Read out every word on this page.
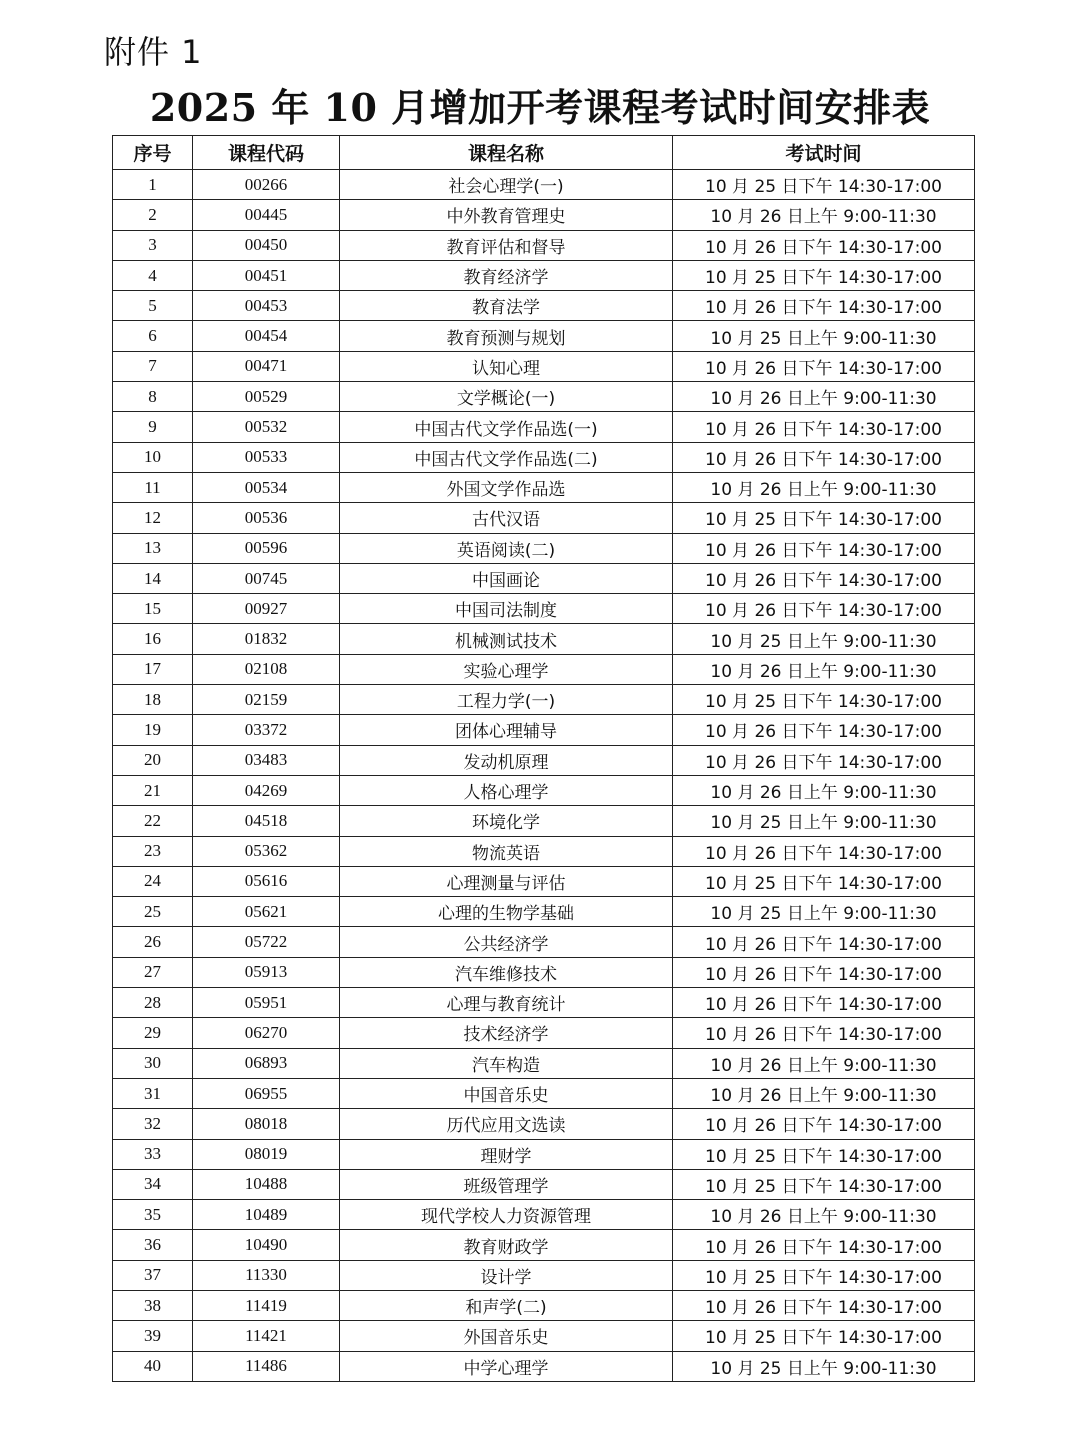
附件 1
2025 年 10 月增加开考课程考试时间安排表
序号	课程代码	课程名称	考试时间
1	00266	社会心理学(一)	10 月 25 日下午 14:30-17:00
2	00445	中外教育管理史	10 月 26 日上午 9:00-11:30
3	00450	教育评估和督导	10 月 26 日下午 14:30-17:00
4	00451	教育经济学	10 月 25 日下午 14:30-17:00
5	00453	教育法学	10 月 26 日下午 14:30-17:00
6	00454	教育预测与规划	10 月 25 日上午 9:00-11:30
7	00471	认知心理	10 月 26 日下午 14:30-17:00
8	00529	文学概论(一)	10 月 26 日上午 9:00-11:30
9	00532	中国古代文学作品选(一)	10 月 26 日下午 14:30-17:00
10	00533	中国古代文学作品选(二)	10 月 26 日下午 14:30-17:00
11	00534	外国文学作品选	10 月 26 日上午 9:00-11:30
12	00536	古代汉语	10 月 25 日下午 14:30-17:00
13	00596	英语阅读(二)	10 月 26 日下午 14:30-17:00
14	00745	中国画论	10 月 26 日下午 14:30-17:00
15	00927	中国司法制度	10 月 26 日下午 14:30-17:00
16	01832	机械测试技术	10 月 25 日上午 9:00-11:30
17	02108	实验心理学	10 月 26 日上午 9:00-11:30
18	02159	工程力学(一)	10 月 25 日下午 14:30-17:00
19	03372	团体心理辅导	10 月 26 日下午 14:30-17:00
20	03483	发动机原理	10 月 26 日下午 14:30-17:00
21	04269	人格心理学	10 月 26 日上午 9:00-11:30
22	04518	环境化学	10 月 25 日上午 9:00-11:30
23	05362	物流英语	10 月 26 日下午 14:30-17:00
24	05616	心理测量与评估	10 月 25 日下午 14:30-17:00
25	05621	心理的生物学基础	10 月 25 日上午 9:00-11:30
26	05722	公共经济学	10 月 26 日下午 14:30-17:00
27	05913	汽车维修技术	10 月 26 日下午 14:30-17:00
28	05951	心理与教育统计	10 月 26 日下午 14:30-17:00
29	06270	技术经济学	10 月 26 日下午 14:30-17:00
30	06893	汽车构造	10 月 26 日上午 9:00-11:30
31	06955	中国音乐史	10 月 26 日上午 9:00-11:30
32	08018	历代应用文选读	10 月 26 日下午 14:30-17:00
33	08019	理财学	10 月 25 日下午 14:30-17:00
34	10488	班级管理学	10 月 25 日下午 14:30-17:00
35	10489	现代学校人力资源管理	10 月 26 日上午 9:00-11:30
36	10490	教育财政学	10 月 26 日下午 14:30-17:00
37	11330	设计学	10 月 25 日下午 14:30-17:00
38	11419	和声学(二)	10 月 26 日下午 14:30-17:00
39	11421	外国音乐史	10 月 25 日下午 14:30-17:00
40	11486	中学心理学	10 月 25 日上午 9:00-11:30
